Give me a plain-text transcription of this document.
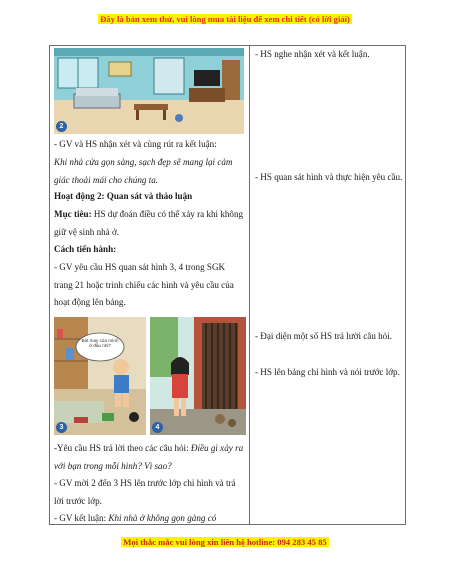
Đây là bản xem thử, vui lòng mua tài liệu để xem chi tiết (có lời giải)
2

- GV và HS nhận xét và cùng rút ra kết luận:

Khi nhà cửa gọn sàng, sạch đẹp sẽ mang lại cảm giác thoải mái cho chúng ta.

Hoạt động 2: Quan sát và thảo luận

Mục tiêu: HS dự đoán điều có thể xảy ra khi không giữ vệ sinh nhà ở.

Cách tiến hành:

- GV yêu cầu HS quan sát hình 3, 4 trong SGK trang 21 hoặc trình chiếu các hình và yêu cầu của hoạt động lên bảng.

Bát may của mình ở đâu nhỉ?
3	4

-Yêu cầu HS trả lời theo các câu hỏi: Điều gì xảy ra với bạn trong mỗi hình? Vì sao?

- GV mời 2 đến 3 HS lên trước lớp chỉ hình và trả lời trước lớp.

- GV kết luận: Khi nhà ở không gọn gàng có

- HS nghe nhận xét và kết luận.

- HS quan sát hình và thực hiện yêu cầu.

- Đại diện một số HS trả lười câu hỏi.

- HS lên bảng chỉ hình và nói trước lớp.

Mọi thắc mắc vui lòng xin liên hệ hotline: 094 283 45 85
